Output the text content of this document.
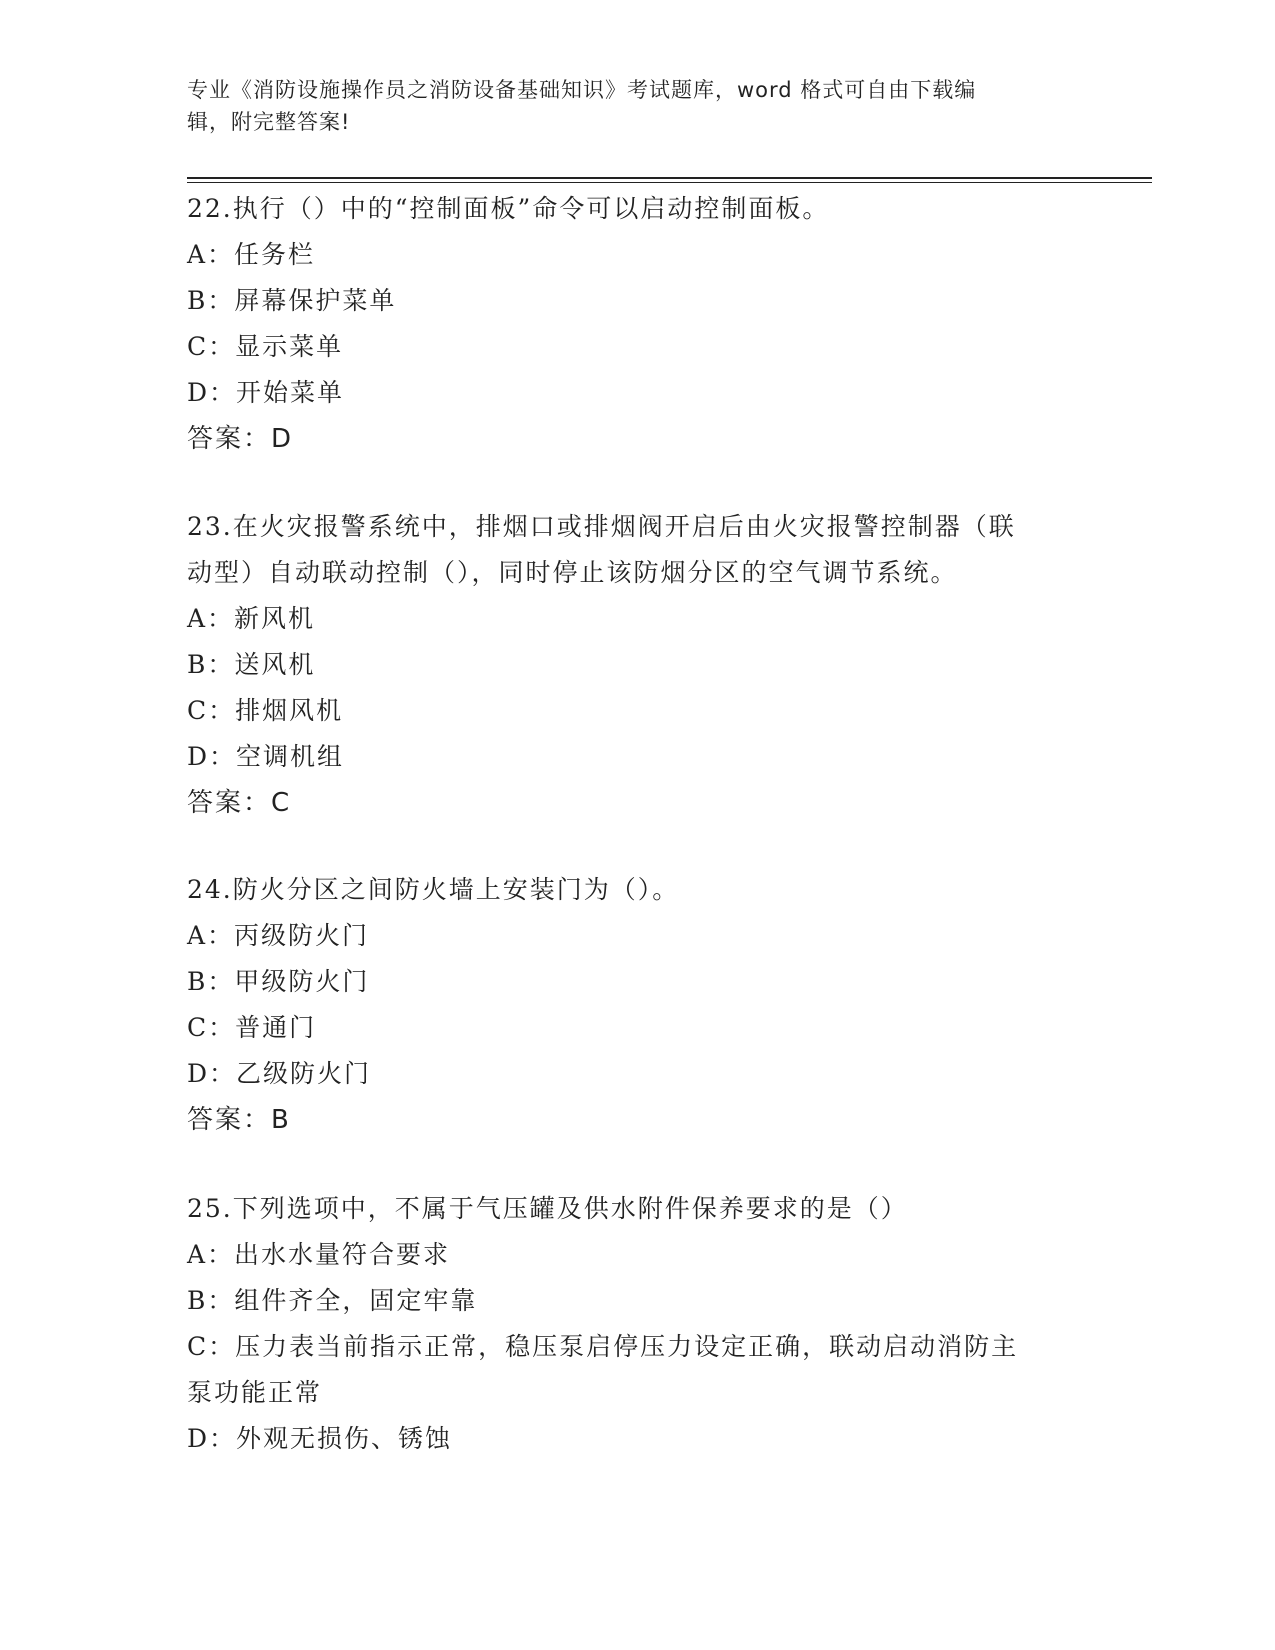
专业《消防设施操作员之消防设备基础知识》考试题库，word 格式可自由下载编
辑，附完整答案!
22.执行（）中的“控制面板”命令可以启动控制面板。
A：任务栏
B：屏幕保护菜单
C：显示菜单
D：开始菜单
答案：D
23.在火灾报警系统中，排烟口或排烟阀开启后由火灾报警控制器（联
动型）自动联动控制（），同时停止该防烟分区的空气调节系统。
A：新风机
B：送风机
C：排烟风机
D：空调机组
答案：C
24.防火分区之间防火墙上安装门为（）。
A：丙级防火门
B：甲级防火门
C：普通门
D：乙级防火门
答案：B
25.下列选项中，不属于气压罐及供水附件保养要求的是（）
A：出水水量符合要求
B：组件齐全，固定牢靠
C：压力表当前指示正常，稳压泵启停压力设定正确，联动启动消防主
泵功能正常
D：外观无损伤、锈蚀
